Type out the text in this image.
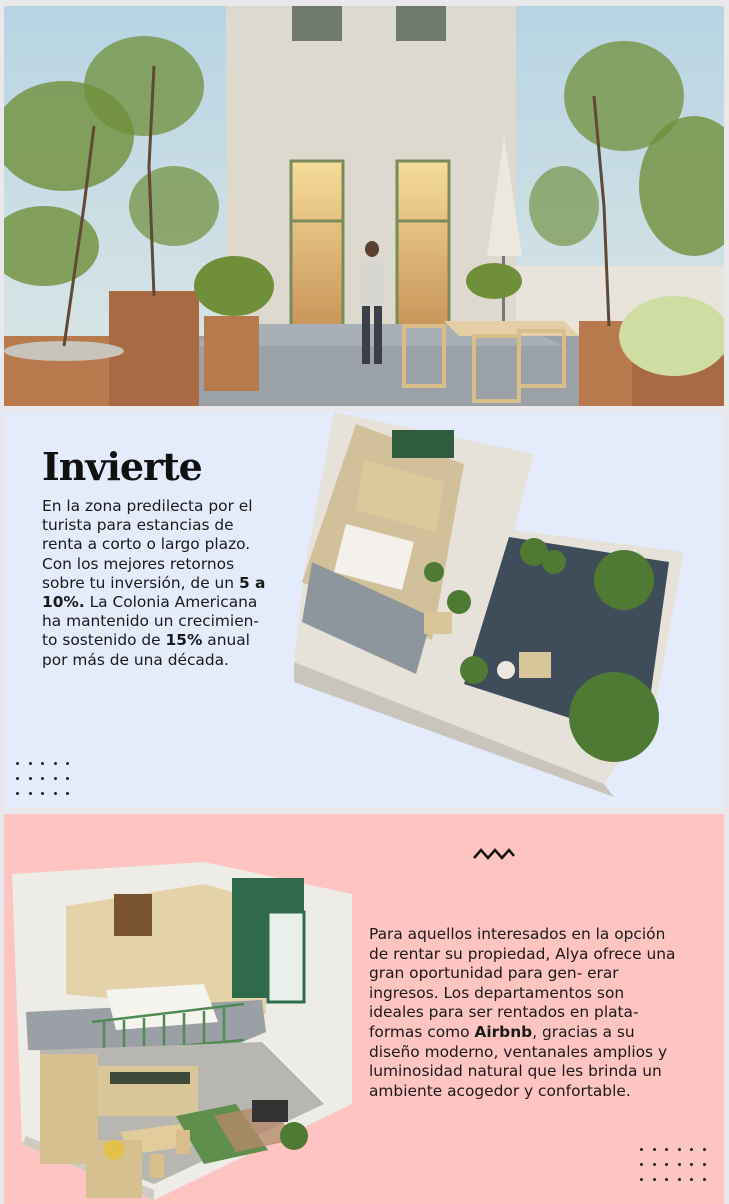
Invierte

En la zona predilecta por el turista para estancias de renta a corto o largo plazo. Con los mejores retornos sobre tu inversión, de un 5 a 10%. La Colonia Americana ha mantenido un crecimien- to sostenido de 15% anual por más de una década.

Para aquellos interesados en la opción de rentar su propiedad, Alya ofrece una gran oportunidad para gen- erar ingresos. Los departamentos son ideales para ser rentados en plata- formas como Airbnb, gracias a su diseño moderno, ventanales amplios y luminosidad natural que les brinda un ambiente acogedor y confortable.
